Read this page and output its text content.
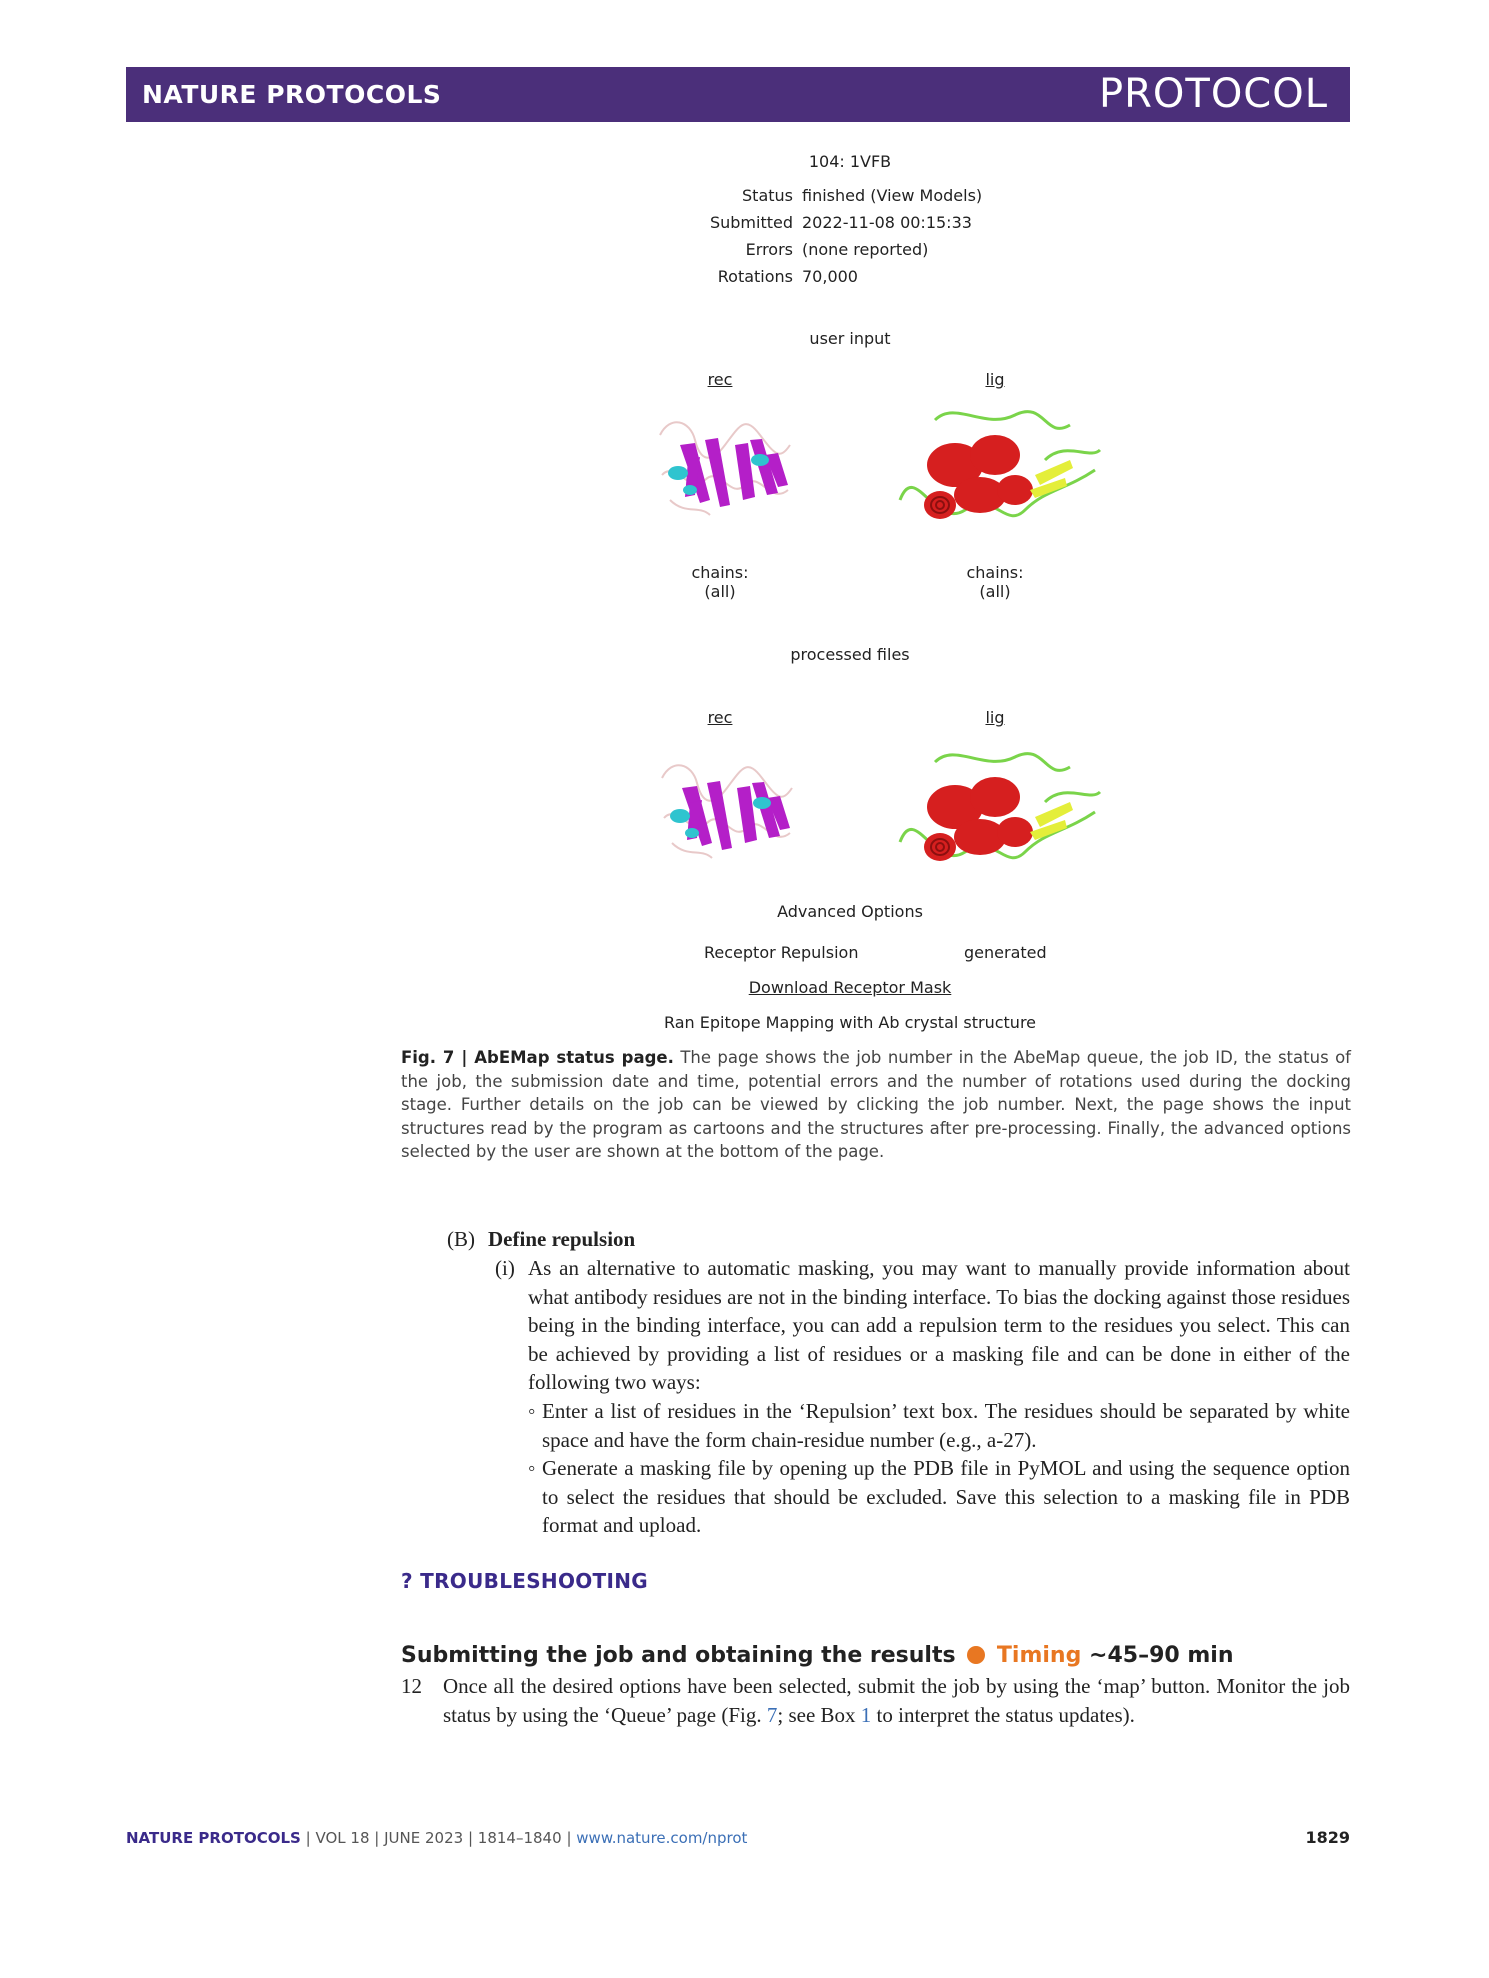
NATURE PROTOCOLS	PROTOCOL
104: 1VFB
Status finished (View Models)
Submitted 2022-11-08 00:15:33
Errors (none reported)
Rotations 70,000
user input
rec	lig
chains:
(all)
chains:
(all)
processed files
rec	lig
Advanced Options
Receptor Repulsion	generated
Download Receptor Mask
Ran Epitope Mapping with Ab crystal structure
Fig. 7 | AbEMap status page. The page shows the job number in the AbeMap queue, the job ID, the status of the job, the submission date and time, potential errors and the number of rotations used during the docking stage. Further details on the job can be viewed by clicking the job number. Next, the page shows the input structures read by the program as cartoons and the structures after pre-processing. Finally, the advanced options selected by the user are shown at the bottom of the page.
(B) Define repulsion
(i) As an alternative to automatic masking, you may want to manually provide information about what antibody residues are not in the binding interface. To bias the docking against those residues being in the binding interface, you can add a repulsion term to the residues you select. This can be achieved by providing a list of residues or a masking file and can be done in either of the following two ways:
◦ Enter a list of residues in the ‘Repulsion’ text box. The residues should be separated by white space and have the form chain-residue number (e.g., a-27).
◦ Generate a masking file by opening up the PDB file in PyMOL and using the sequence option to select the residues that should be excluded. Save this selection to a masking file in PDB format and upload.
? TROUBLESHOOTING
Submitting the job and obtaining the results Timing ~45–90 min
12 Once all the desired options have been selected, submit the job by using the ‘map’ button. Monitor the job status by using the ‘Queue’ page (Fig. 7; see Box 1 to interpret the status updates).
NATURE PROTOCOLS | VOL 18 | JUNE 2023 | 1814–1840 | www.nature.com/nprot	1829
